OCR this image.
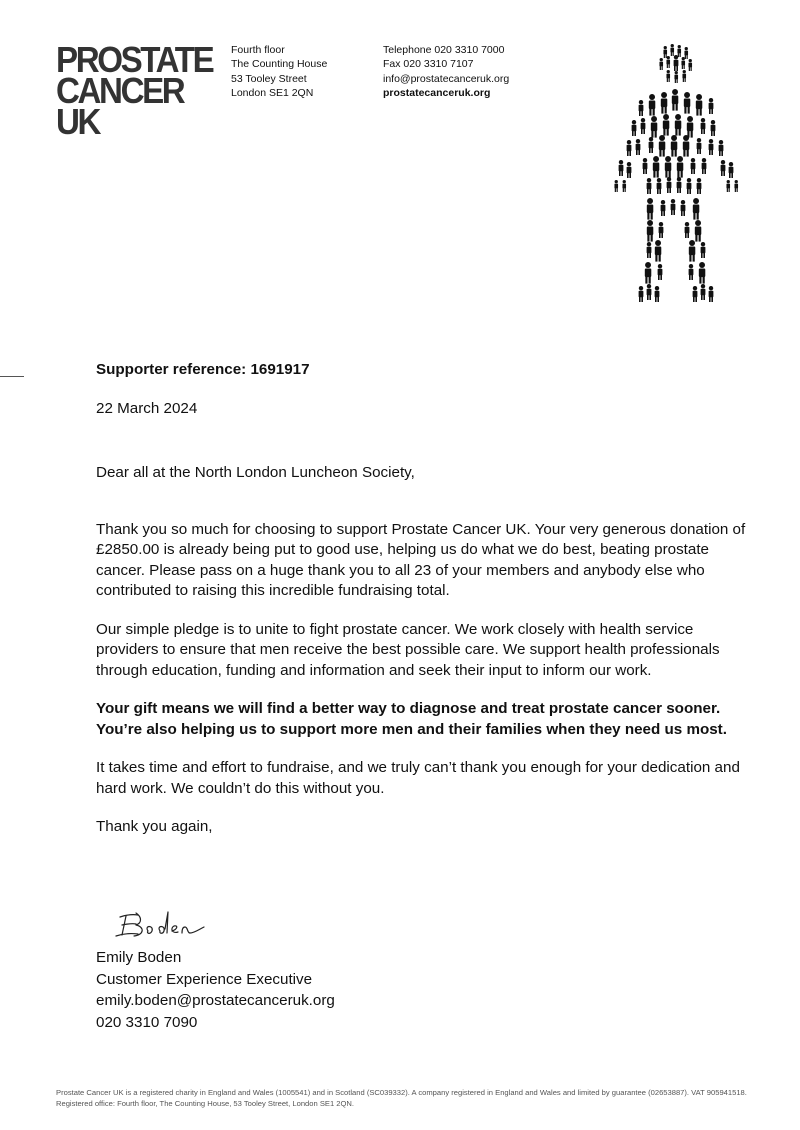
PROSTATE
CANCER UK
Fourth floor
The Counting House
53 Tooley Street
London SE1 2QN
Telephone 020 3310 7000
Fax 020 3310 7107
info@prostatecanceruk.org
prostatecanceruk.org

Supporter reference: 1691917

22 March 2024

Dear all at the North London Luncheon Society,

Thank you so much for choosing to support Prostate Cancer UK. Your very generous donation of £2850.00 is already being put to good use, helping us do what we do best, beating prostate cancer. Please pass on a huge thank you to all 23 of your members and anybody else who contributed to raising this incredible fundraising total.

Our simple pledge is to unite to fight prostate cancer. We work closely with health service providers to ensure that men receive the best possible care. We support health professionals through education, funding and information and seek their input to inform our work.

Your gift means we will find a better way to diagnose and treat prostate cancer sooner. You’re also helping us to support more men and their families when they need us most.

It takes time and effort to fundraise, and we truly can’t thank you enough for your dedication and hard work. We couldn’t do this without you.

Thank you again,

Emily Boden
Customer Experience Executive
emily.boden@prostatecanceruk.org
020 3310 7090
Prostate Cancer UK is a registered charity in England and Wales (1005541) and in Scotland (SC039332). A company registered in England and Wales and limited by guarantee (02653887). VAT 905941518.
Registered office: Fourth floor, The Counting House, 53 Tooley Street, London SE1 2QN.
